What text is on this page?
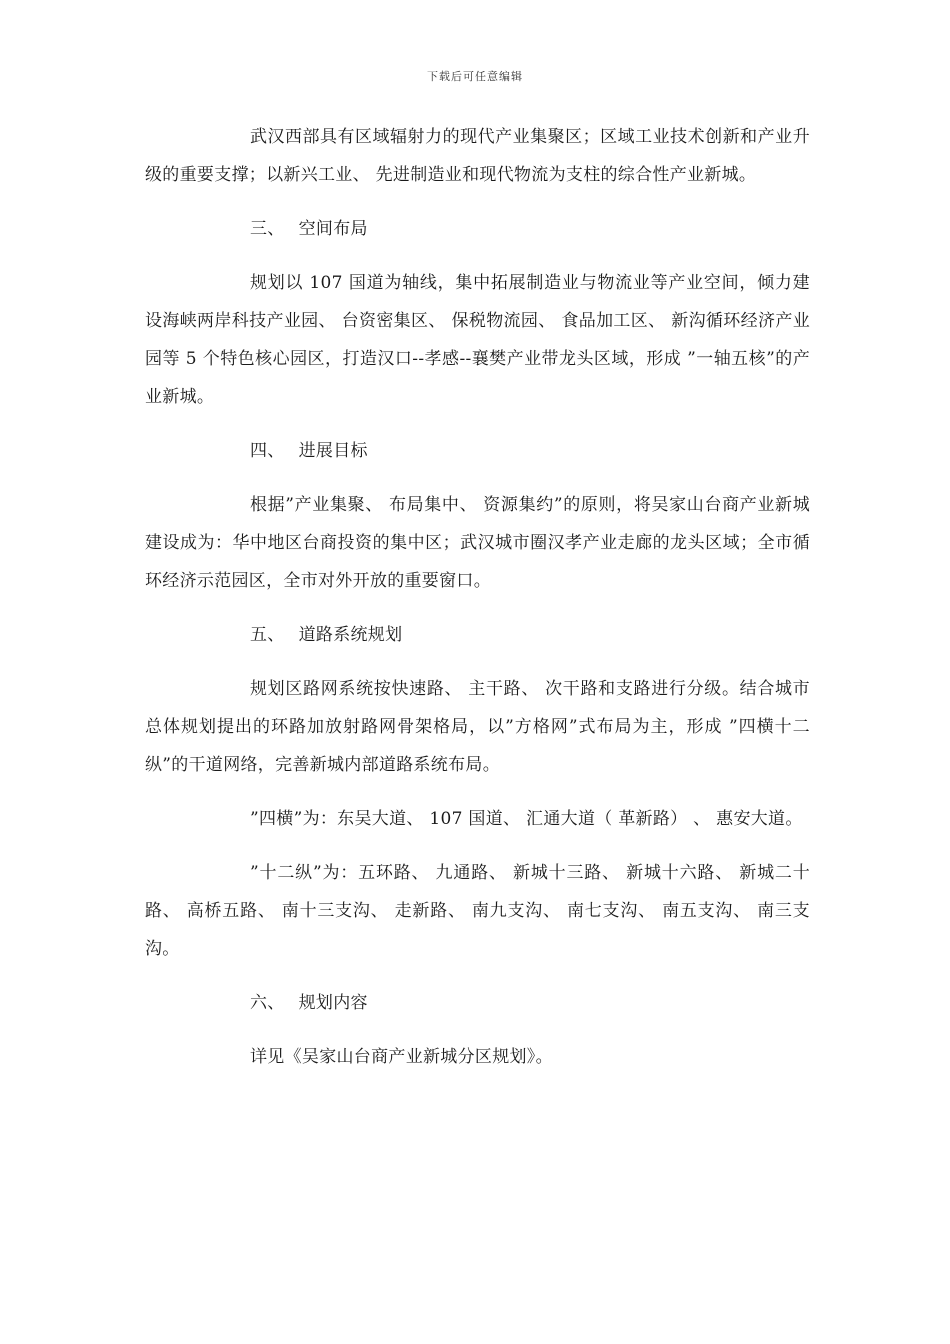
下载后可任意编辑

武汉西部具有区域辐射力的现代产业集聚区；区域工业技术创新和产业升级的重要支撑；以新兴工业、 先进制造业和现代物流为支柱的综合性产业新城。

三、 空间布局

规划以 107 国道为轴线，集中拓展制造业与物流业等产业空间，倾力建设海峡两岸科技产业园、 台资密集区、 保税物流园、 食品加工区、 新沟循环经济产业园等 5 个特色核心园区，打造汉口--孝感--襄樊产业带龙头区域，形成 ”一轴五核”的产业新城。

四、 进展目标

根据”产业集聚、 布局集中、 资源集约”的原则，将吴家山台商产业新城建设成为：华中地区台商投资的集中区；武汉城市圈汉孝产业走廊的龙头区域；全市循环经济示范园区，全市对外开放的重要窗口。

五、 道路系统规划

规划区路网系统按快速路、 主干路、 次干路和支路进行分级。结合城市总体规划提出的环路加放射路网骨架格局，以”方格网”式布局为主，形成 ”四横十二纵”的干道网络，完善新城内部道路系统布局。

”四横”为：东吴大道、 107 国道、 汇通大道（ 革新路） 、 惠安大道。

”十二纵”为：五环路、 九通路、 新城十三路、 新城十六路、 新城二十路、 高桥五路、 南十三支沟、 走新路、 南九支沟、 南七支沟、 南五支沟、 南三支沟。

六、 规划内容

详见《吴家山台商产业新城分区规划》。
